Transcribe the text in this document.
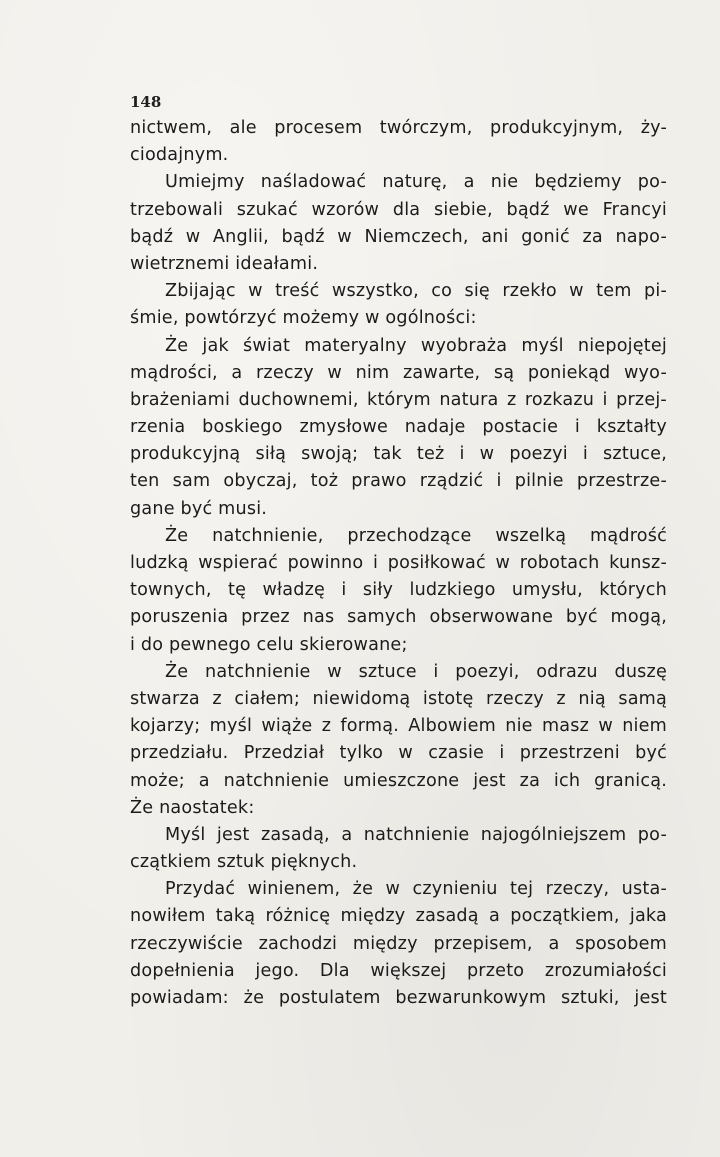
148
nictwem, ale procesem twórczym, produkcyjnym, ży-
ciodajnym.
Umiejmy naśladować naturę, a nie będziemy po-
trzebowali szukać wzorów dla siebie, bądź we Francyi
bądź w Anglii, bądź w Niemczech, ani gonić za napo-
wietrznemi ideałami.
Zbijając w treść wszystko, co się rzekło w tem pi-
śmie, powtórzyć możemy w ogólności:
Że jak świat materyalny wyobraża myśl niepojętej
mądrości, a rzeczy w nim zawarte, są poniekąd wyo-
brażeniami duchownemi, którym natura z rozkazu i przej-
rzenia boskiego zmysłowe nadaje postacie i kształty
produkcyjną siłą swoją; tak też i w poezyi i sztuce,
ten sam obyczaj, toż prawo rządzić i pilnie przestrze-
gane być musi.
Że natchnienie, przechodzące wszelką mądrość
ludzką wspierać powinno i posiłkować w robotach kunsz-
townych, tę władzę i siły ludzkiego umysłu, których
poruszenia przez nas samych obserwowane być mogą,
i do pewnego celu skierowane;
Że natchnienie w sztuce i poezyi, odrazu duszę
stwarza z ciałem; niewidomą istotę rzeczy z nią samą
kojarzy; myśl wiąże z formą. Albowiem nie masz w niem
przedziału. Przedział tylko w czasie i przestrzeni być
może; a natchnienie umieszczone jest za ich granicą.
Że naostatek:
Myśl jest zasadą, a natchnienie najogólniejszem po-
czątkiem sztuk pięknych.
Przydać winienem, że w czynieniu tej rzeczy, usta-
nowiłem taką różnicę między zasadą a początkiem, jaka
rzeczywiście zachodzi między przepisem, a sposobem
dopełnienia jego. Dla większej przeto zrozumiałości
powiadam: że postulatem bezwarunkowym sztuki, jest
